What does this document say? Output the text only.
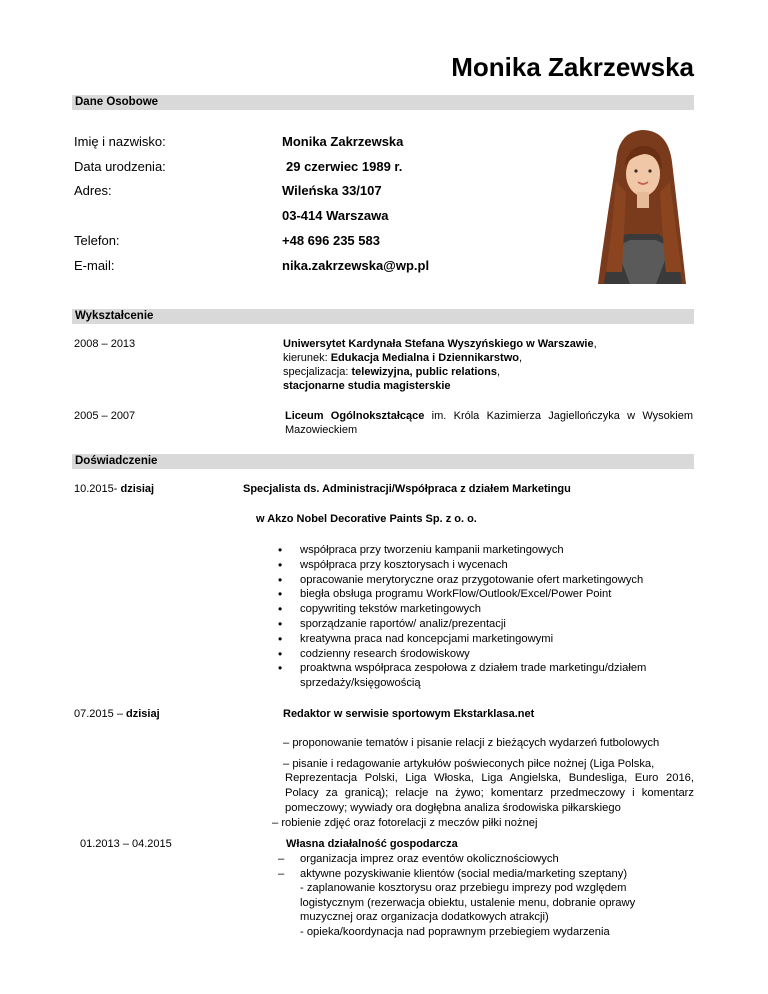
Monika Zakrzewska
Dane Osobowe
Imię i nazwisko:	Monika Zakrzewska
Data urodzenia:	29 czerwiec 1989 r.
Adres:	Wileńska 33/107
03-414 Warszawa
Telefon:	+48 696 235 583
E-mail:	nika.zakrzewska@wp.pl
Wykształcenie
2008 – 2013	Uniwersytet Kardynała Stefana Wyszyńskiego w Warszawie,
kierunek: Edukacja Medialna i Dziennikarstwo,
specjalizacja: telewizyjna, public relations,
stacjonarne studia magisterskie
2005 – 2007	Liceum Ogólnokształcące im. Króla Kazimierza Jagiellończyka w Wysokiem Mazowieckiem
Doświadczenie
10.2015- dzisiaj	Specjalista ds. Administracji/Współpraca z działem Marketingu
w Akzo Nobel Decorative Paints Sp. z o. o.
• współpraca przy tworzeniu kampanii marketingowych
• współpraca przy kosztorysach i wycenach
• opracowanie merytoryczne oraz przygotowanie ofert marketingowych
• biegła obsługa programu WorkFlow/Outlook/Excel/Power Point
• copywriting tekstów marketingowych
• sporządzanie raportów/ analiz/prezentacji
• kreatywna praca nad koncepcjami marketingowymi
• codzienny research środowiskowy
• proaktwna współpraca zespołowa z działem trade marketingu/działem sprzedaży/księgowością
07.2015 – dzisiaj	Redaktor w serwisie sportowym Ekstarklasa.net
– proponowanie tematów i pisanie relacji z bieżących wydarzeń futbolowych
– pisanie i redagowanie artykułów poświeconych piłce nożnej (Liga Polska,
Reprezentacja Polski, Liga Włoska, Liga Angielska, Bundesliga, Euro 2016, Polacy za granicą); relacje na żywo; komentarz przedmeczowy i komentarz pomeczowy; wywiady ora dogłębna analiza środowiska piłkarskiego
– robienie zdjęć oraz fotorelacji z meczów piłki nożnej
01.2013 – 04.2015	Własna działalność gospodarcza
– organizacja imprez oraz eventów okolicznościowych
– aktywne pozyskiwanie klientów (social media/marketing szeptany)
- zaplanowanie kosztorysu oraz przebiegu imprezy pod względem logistycznym (rezerwacja obiektu, ustalenie menu, dobranie oprawy muzycznej oraz organizacja dodatkowych atrakcji)
- opieka/koordynacja nad poprawnym przebiegiem wydarzenia
